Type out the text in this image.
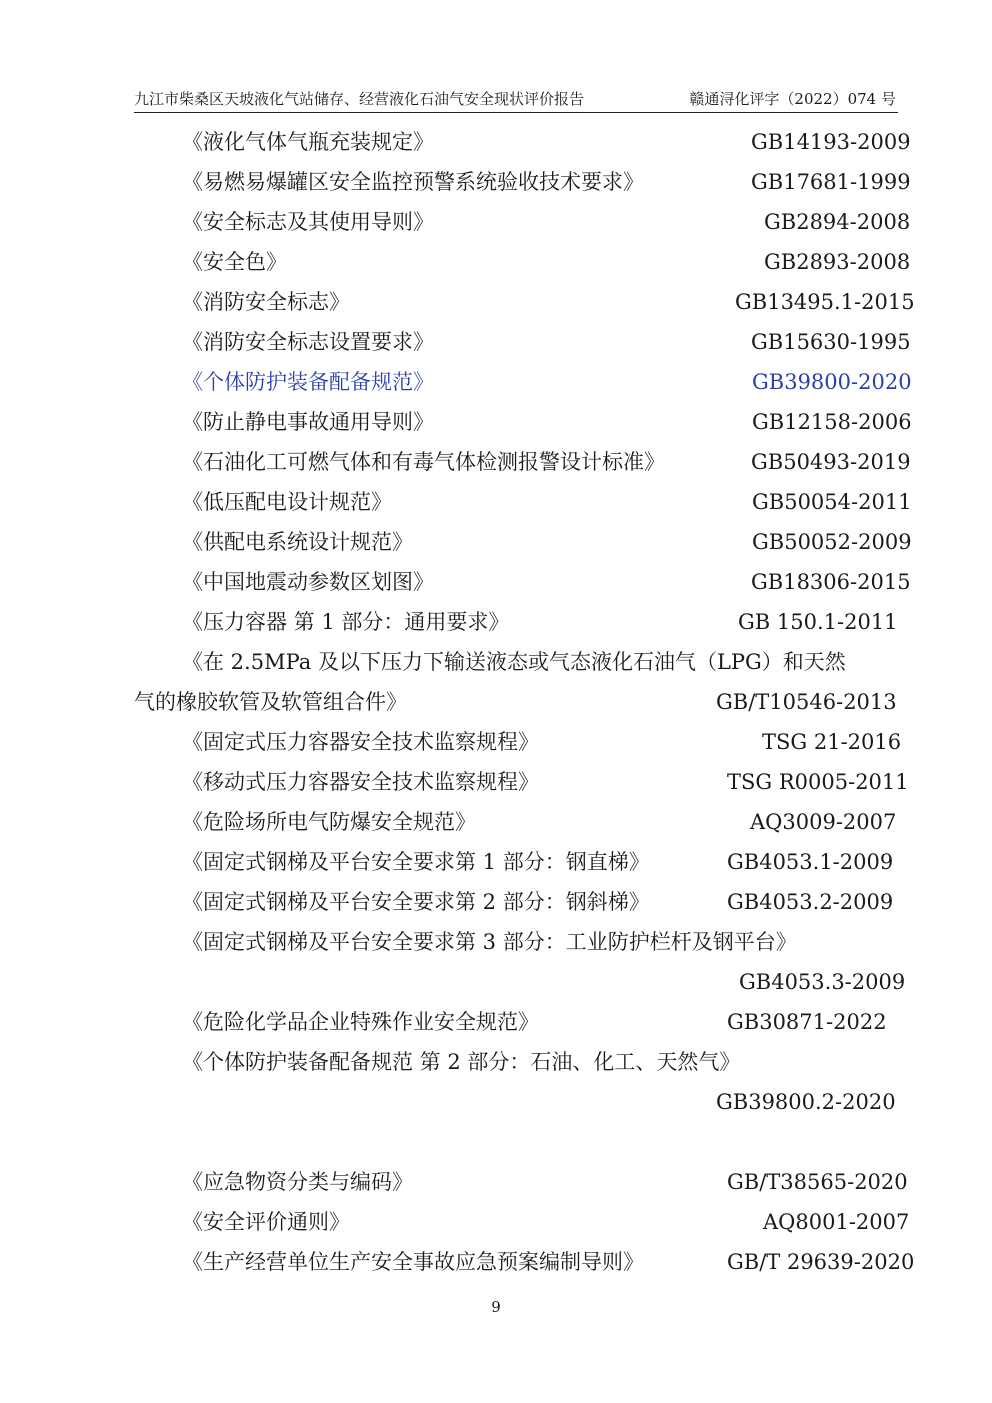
九江市柴桑区天坡液化气站储存、经营液化石油气安全现状评价报告	赣通浔化评字（2022）074 号
《液化气体气瓶充装规定》	GB14193-2009
《易燃易爆罐区安全监控预警系统验收技术要求》	GB17681-1999
《安全标志及其使用导则》	GB2894-2008
《安全色》	GB2893-2008
《消防安全标志》	GB13495.1-2015
《消防安全标志设置要求》	GB15630-1995
《个体防护装备配备规范》	GB39800-2020
《防止静电事故通用导则》	GB12158-2006
《石油化工可燃气体和有毒气体检测报警设计标准》	GB50493-2019
《低压配电设计规范》	GB50054-2011
《供配电系统设计规范》	GB50052-2009
《中国地震动参数区划图》	GB18306-2015
《压力容器 第 1 部分：通用要求》	GB 150.1-2011
《在 2.5MPa 及以下压力下输送液态或气态液化石油气（LPG）和天然
气的橡胶软管及软管组合件》	GB/T10546-2013
《固定式压力容器安全技术监察规程》	TSG 21-2016
《移动式压力容器安全技术监察规程》	TSG R0005-2011
《危险场所电气防爆安全规范》	AQ3009-2007
《固定式钢梯及平台安全要求第 1 部分：钢直梯》	GB4053.1-2009
《固定式钢梯及平台安全要求第 2 部分：钢斜梯》	GB4053.2-2009
《固定式钢梯及平台安全要求第 3 部分：工业防护栏杆及钢平台》
GB4053.3-2009
《危险化学品企业特殊作业安全规范》	GB30871-2022
《个体防护装备配备规范 第 2 部分：石油、化工、天然气》
GB39800.2-2020
《应急物资分类与编码》	GB/T38565-2020
《安全评价通则》	AQ8001-2007
《生产经营单位生产安全事故应急预案编制导则》	GB/T 29639-2020
9
